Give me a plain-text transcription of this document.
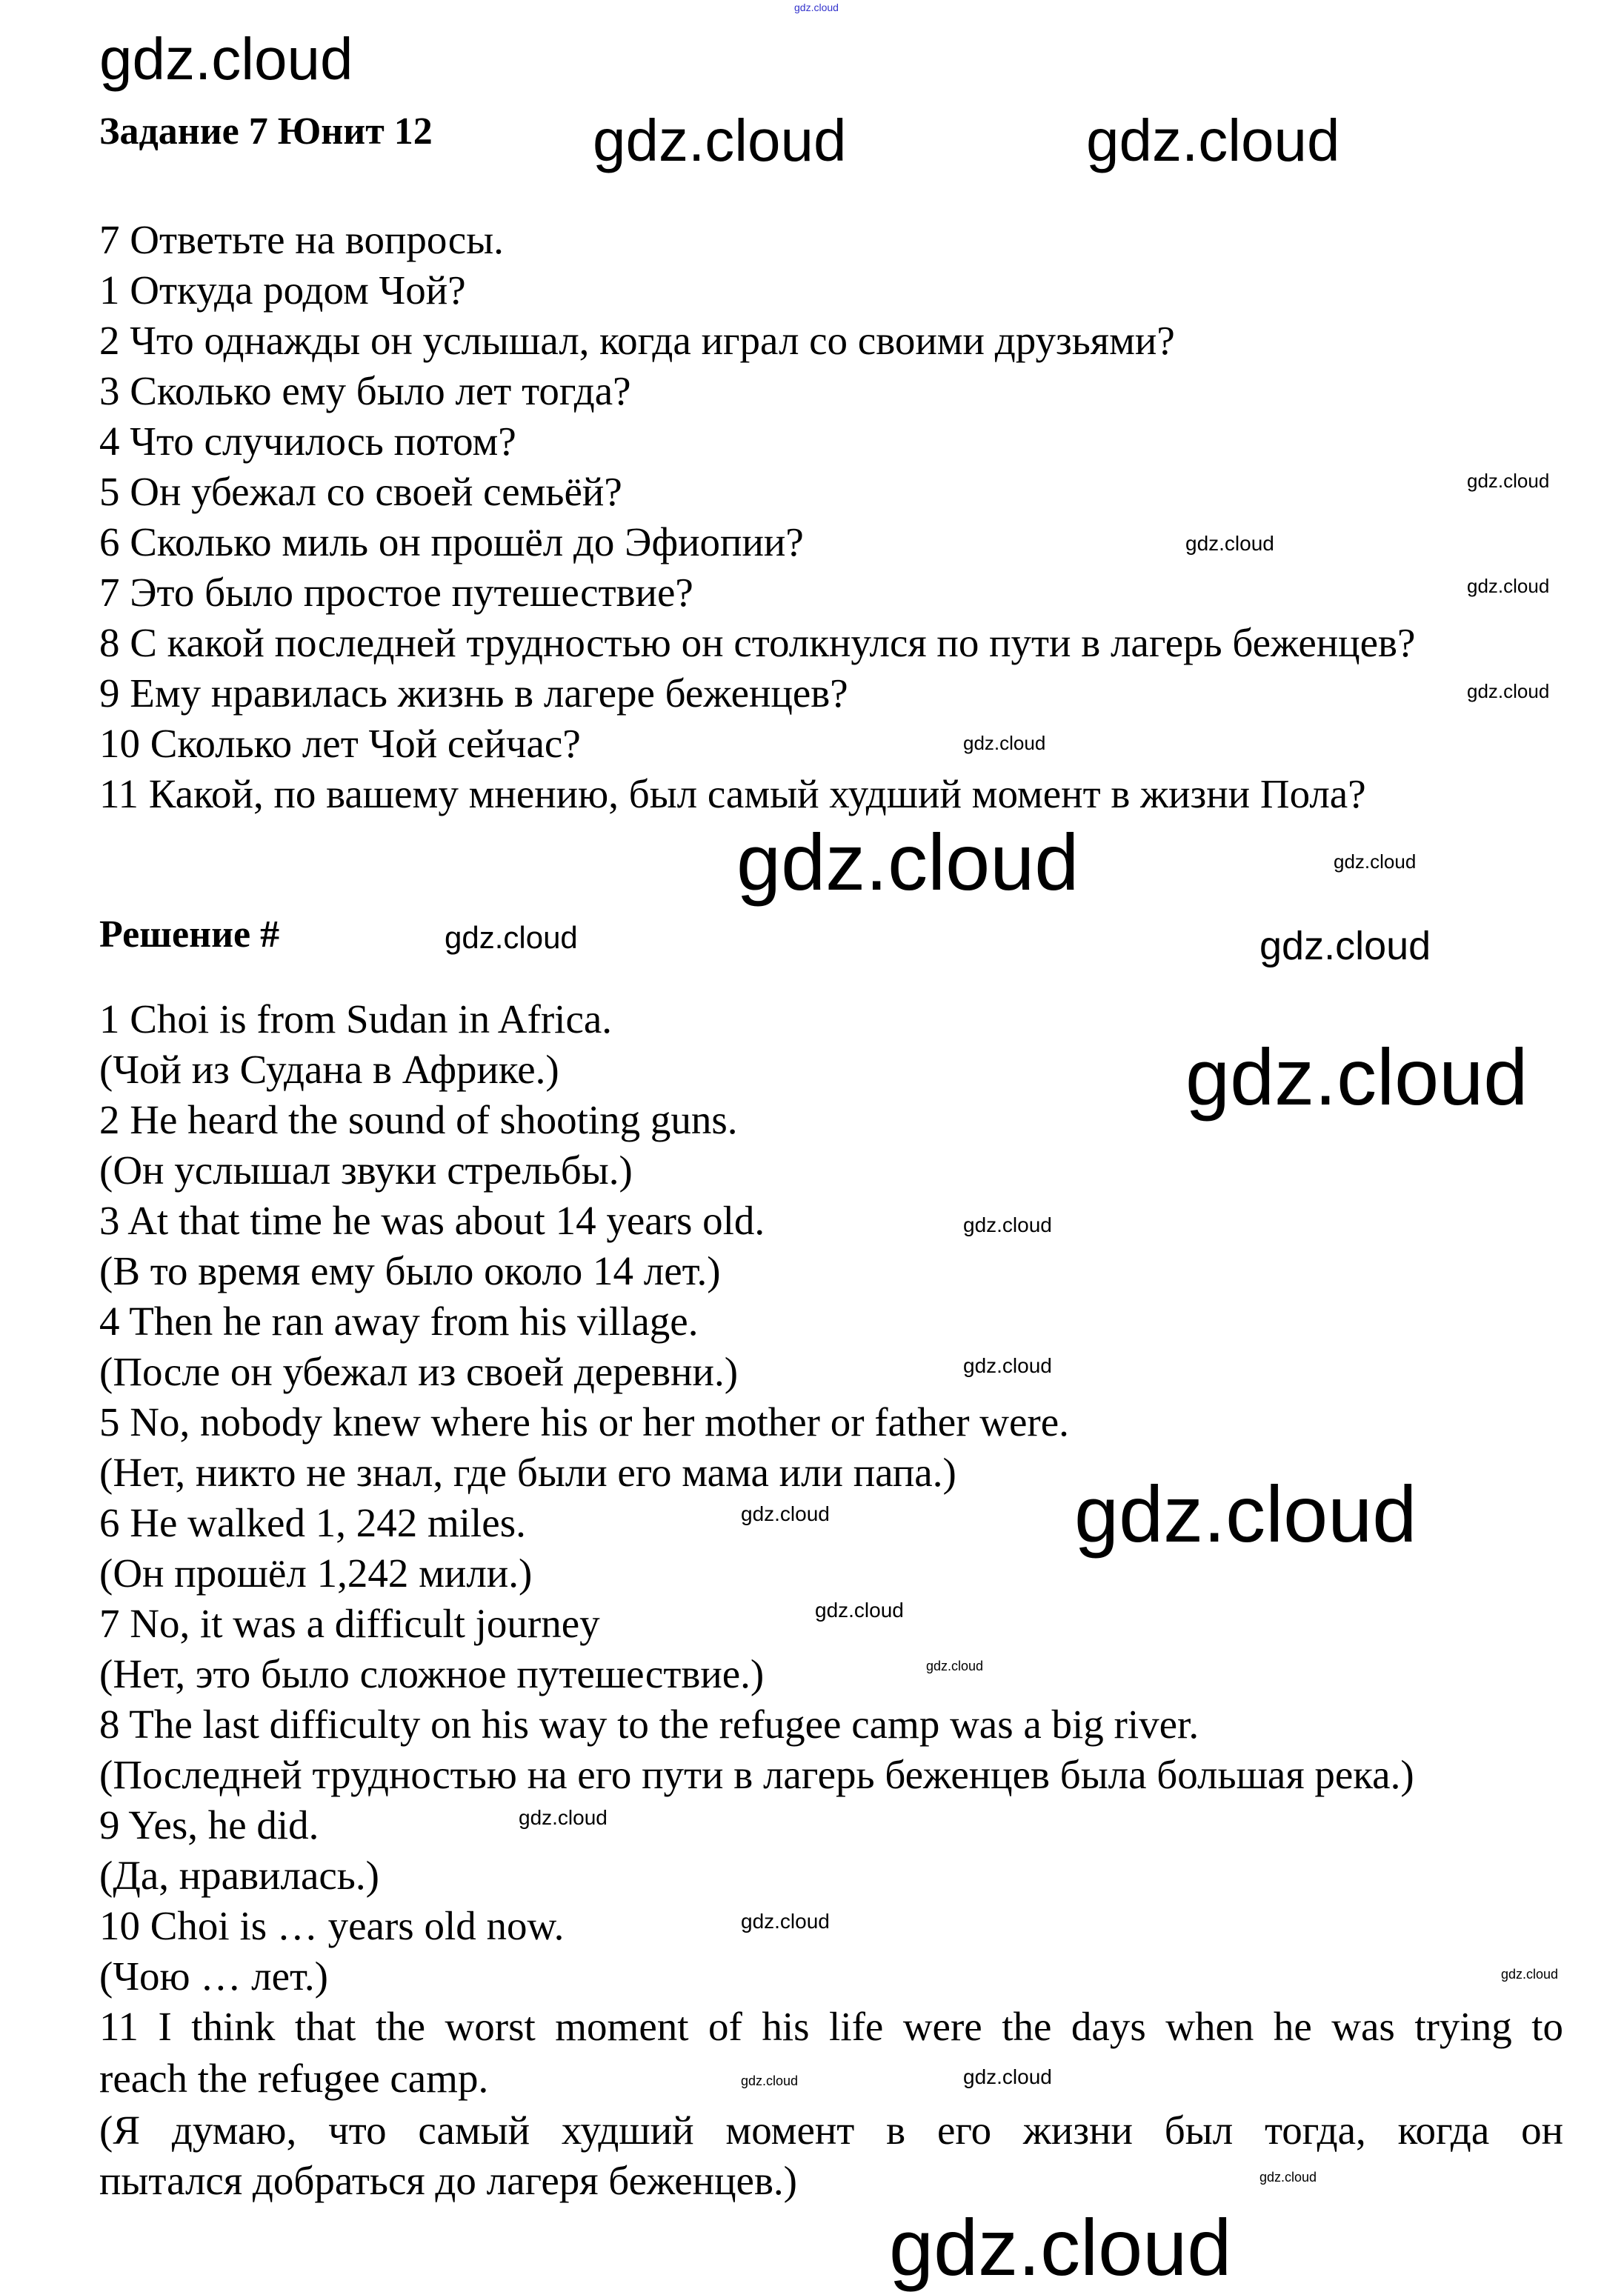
gdz.cloud
Задание 7 Юнит 12
7 Ответьте на вопросы.
1 Откуда родом Чой?
2 Что однажды он услышал, когда играл со своими друзьями?
3 Сколько ему было лет тогда?
4 Что случилось потом?
5 Он убежал со своей семьёй?
6 Сколько миль он прошёл до Эфиопии?
7 Это было простое путешествие?
8 С какой последней трудностью он столкнулся по пути в лагерь беженцев?
9 Ему нравилась жизнь в лагере беженцев?
10 Сколько лет Чой сейчас?
11 Какой, по вашему мнению, был самый худший момент в жизни Пола?
Решение #
1 Choi is from Sudan in Africa.
(Чой из Судана в Африке.)
2 He heard the sound of shooting guns.
(Он услышал звуки стрельбы.)
3 At that time he was about 14 years old.
(В то время ему было около 14 лет.)
4 Then he ran away from his village.
(После он убежал из своей деревни.)
5 No, nobody knew where his or her mother or father were.
(Нет, никто не знал, где были его мама или папа.)
6 He walked 1, 242 miles.
(Он прошёл 1,242 мили.)
7 No, it was a difficult journey
(Нет, это было сложное путешествие.)
8 The last difficulty on his way to the refugee camp was a big river.
(Последней трудностью на его пути в лагерь беженцев была большая река.)
9 Yes, he did.
(Да, нравилась.)
10 Choi is … years old now.
(Чою … лет.)
11 I think that the worst moment of his life were the days when he was trying to
reach the refugee camp.
(Я думаю, что самый худший момент в его жизни был тогда, когда он
пытался добраться до лагеря беженцев.)
gdz.cloud	gdz.cloud
gdz.cloud
gdz.cloud
gdz.cloud
gdz.cloud
gdz.cloud
gdz.cloud
gdz.cloud
gdz.cloud
gdz.cloud
gdz.cloud
gdz.cloud
gdz.cloud
gdz.cloud
gdz.cloud
gdz.cloud
gdz.cloud
gdz.cloud
gdz.cloud
gdz.cloud
gdz.cloud
gdz.cloud
gdz.cloud	gdz.cloud
gdz.cloud
